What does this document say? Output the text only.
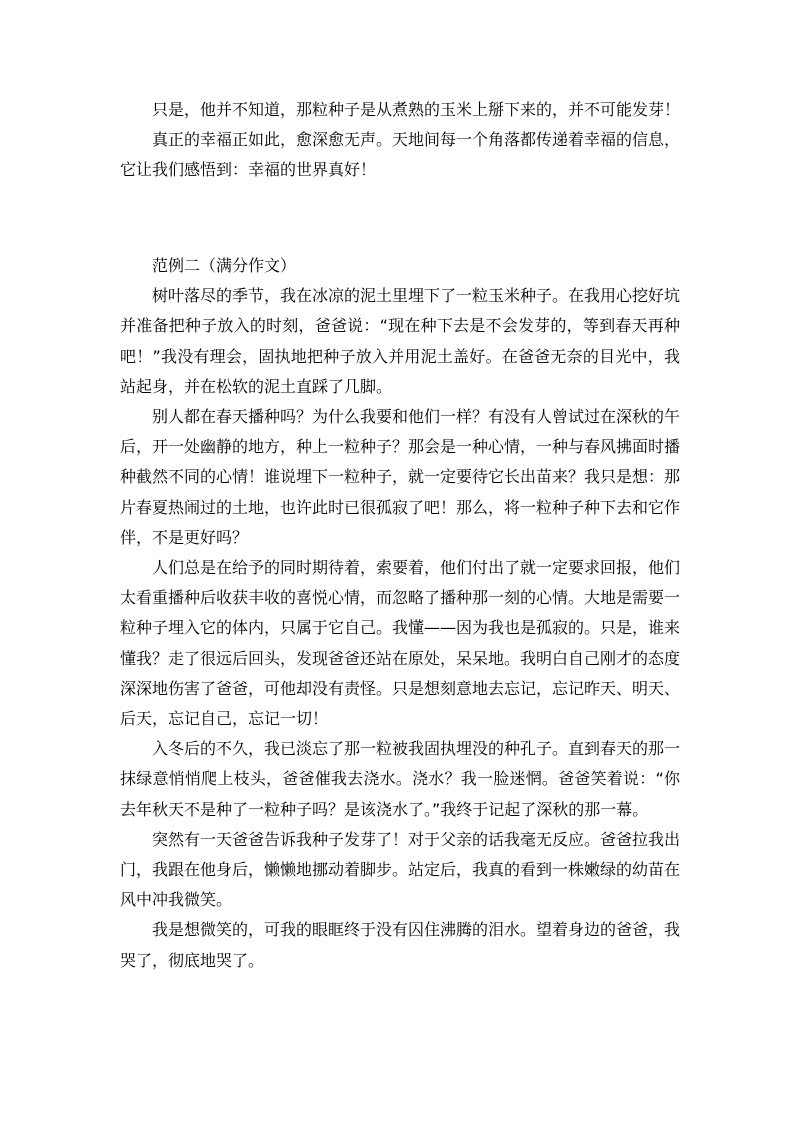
只是，他并不知道，那粒种子是从煮熟的玉米上掰下来的，并不可能发芽！

真正的幸福正如此，愈深愈无声。天地间每一个角落都传递着幸福的信息，它让我们感悟到：幸福的世界真好！

范例二（满分作文）

树叶落尽的季节，我在冰凉的泥土里埋下了一粒玉米种子。在我用心挖好坑并准备把种子放入的时刻，爸爸说：“现在种下去是不会发芽的，等到春天再种吧！”我没有理会，固执地把种子放入并用泥土盖好。在爸爸无奈的目光中，我站起身，并在松软的泥土直踩了几脚。

别人都在春天播种吗？为什么我要和他们一样？有没有人曾试过在深秋的午后，开一处幽静的地方，种上一粒种子？那会是一种心情，一种与春风拂面时播种截然不同的心情！谁说埋下一粒种子，就一定要待它长出苗来？我只是想：那片春夏热闹过的土地，也许此时已很孤寂了吧！那么，将一粒种子种下去和它作伴，不是更好吗？

人们总是在给予的同时期待着，索要着，他们付出了就一定要求回报，他们太看重播种后收获丰收的喜悦心情，而忽略了播种那一刻的心情。大地是需要一粒种子埋入它的体内，只属于它自己。我懂——因为我也是孤寂的。只是，谁来懂我？走了很远后回头，发现爸爸还站在原处，呆呆地。我明白自己刚才的态度深深地伤害了爸爸，可他却没有责怪。只是想刻意地去忘记，忘记昨天、明天、后天，忘记自己，忘记一切！

入冬后的不久，我已淡忘了那一粒被我固执埋没的种孔子。直到春天的那一抹绿意悄悄爬上枝头，爸爸催我去浇水。浇水？我一脸迷惘。爸爸笑着说：“你去年秋天不是种了一粒种子吗？是该浇水了。”我终于记起了深秋的那一幕。

突然有一天爸爸告诉我种子发芽了！对于父亲的话我毫无反应。爸爸拉我出门，我跟在他身后，懒懒地挪动着脚步。站定后，我真的看到一株嫩绿的幼苗在风中冲我微笑。

我是想微笑的，可我的眼眶终于没有囚住沸腾的泪水。望着身边的爸爸，我哭了，彻底地哭了。
